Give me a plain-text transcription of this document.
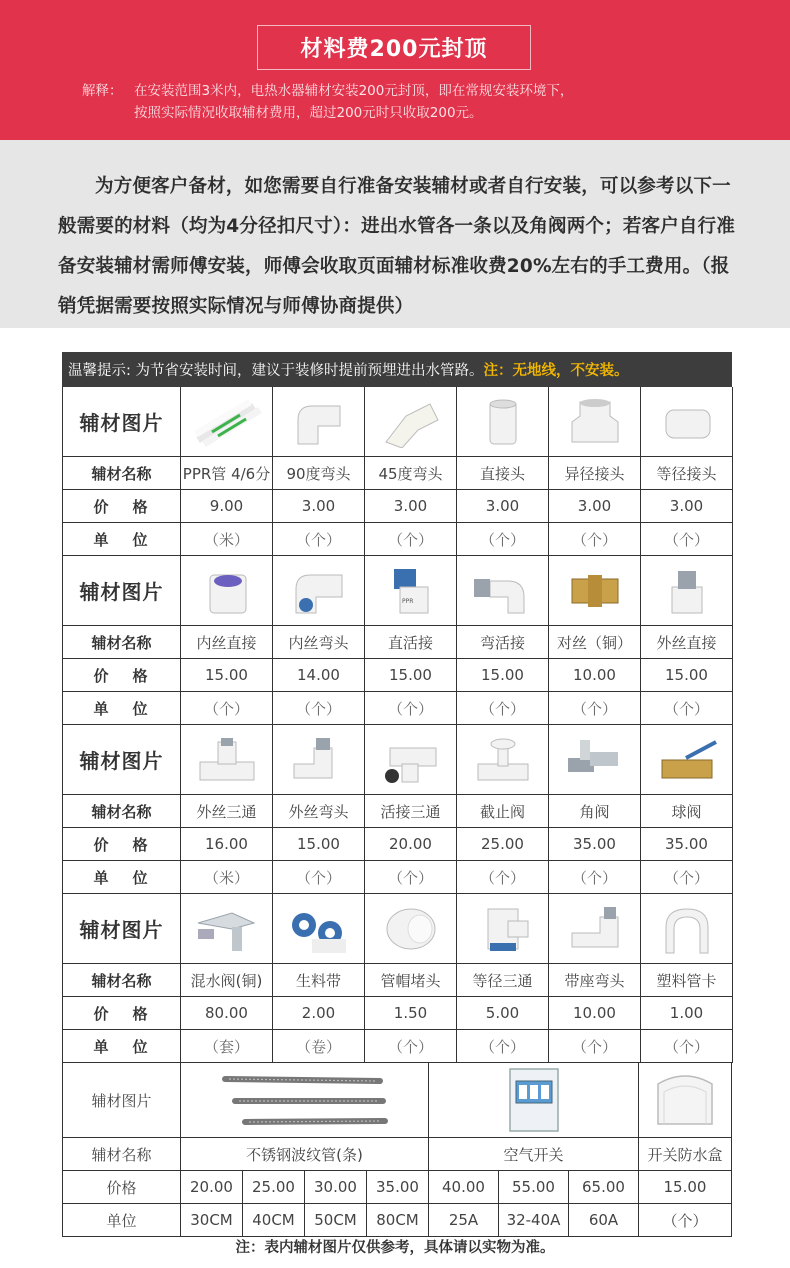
材料费200元封顶
解释： 在安装范围3米内，电热水器辅材安装200元封顶，即在常规安装环境下，
按照实际情况收取辅材费用，超过200元时只收取200元。

为方便客户备材，如您需要自行准备安装辅材或者自行安装，可以参考以下一般需要的材料（均为4分径扣尺寸）：进出水管各一条以及角阀两个；若客户自行准备安装辅材需师傅安装，师傅会收取页面辅材标准收费20%左右的手工费用。（报销凭据需要按照实际情况与师傅协商提供）

温馨提示: 为节省安装时间，建议于装修时提前预埋进出水管路。 注：无地线，不安装。
辅材图片
辅材名称	PPR管 4/6分	90度弯头	45度弯头	直接头	异径接头	等径接头
价格	9.00	3.00	3.00	3.00	3.00	3.00
单位	（米）	（个）	（个）	（个）	（个）	（个）
辅材图片	PPR
辅材名称	内丝直接	内丝弯头	直活接	弯活接	对丝（铜）	外丝直接
价格	15.00	14.00	15.00	15.00	10.00	15.00
单位	（个）	（个）	（个）	（个）	（个）	（个）
辅材图片
辅材名称	外丝三通	外丝弯头	活接三通	截止阀	角阀	球阀
价格	16.00	15.00	20.00	25.00	35.00	35.00
单位	（米）	（个）	（个）	（个）	（个）	（个）
辅材图片
辅材名称	混水阀(铜)	生料带	管帽堵头	等径三通	带座弯头	塑料管卡
价格	80.00	2.00	1.50	5.00	10.00	1.00
单位	（套）	（卷）	（个）	（个）	（个）	（个）
辅材图片
辅材名称	不锈钢波纹管(条)	空气开关	开关防水盒
价格	20.00	25.00	30.00	35.00	40.00	55.00	65.00	15.00
单位	30CM	40CM	50CM	80CM	25A	32-40A	60A	（个）
注：表内辅材图片仅供参考，具体请以实物为准。
